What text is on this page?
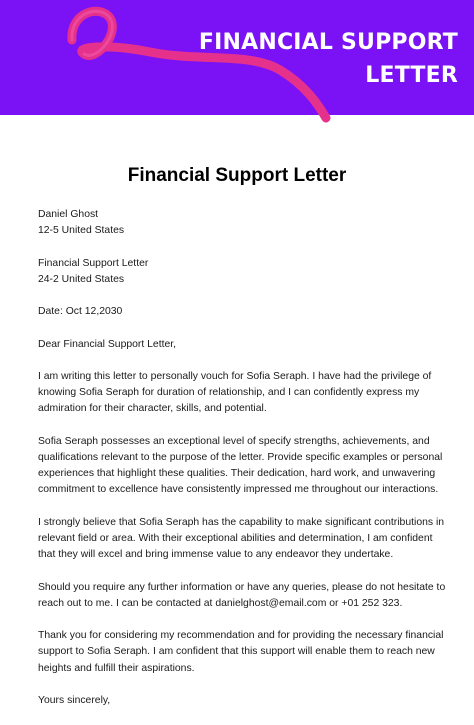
FINANCIAL SUPPORT
LETTER
Financial Support Letter

Daniel Ghost
12-5 United States

Financial Support Letter
24-2 United States

Date: Oct 12,2030

Dear Financial Support Letter,

I am writing this letter to personally vouch for Sofia Seraph. I have had the privilege of knowing Sofia Seraph for duration of relationship, and I can confidently express my admiration for their character, skills, and potential.

Sofia Seraph possesses an exceptional level of specify strengths, achievements, and qualifications relevant to the purpose of the letter. Provide specific examples or personal experiences that highlight these qualities. Their dedication, hard work, and unwavering commitment to excellence have consistently impressed me throughout our interactions.

I strongly believe that Sofia Seraph has the capability to make significant contributions in relevant field or area. With their exceptional abilities and determination, I am confident that they will excel and bring immense value to any endeavor they undertake.

Should you require any further information or have any queries, please do not hesitate to reach out to me. I can be contacted at danielghost@email.com or +01 252 323.

Thank you for considering my recommendation and for providing the necessary financial support to Sofia Seraph. I am confident that this support will enable them to reach new heights and fulfill their aspirations.

Yours sincerely,
